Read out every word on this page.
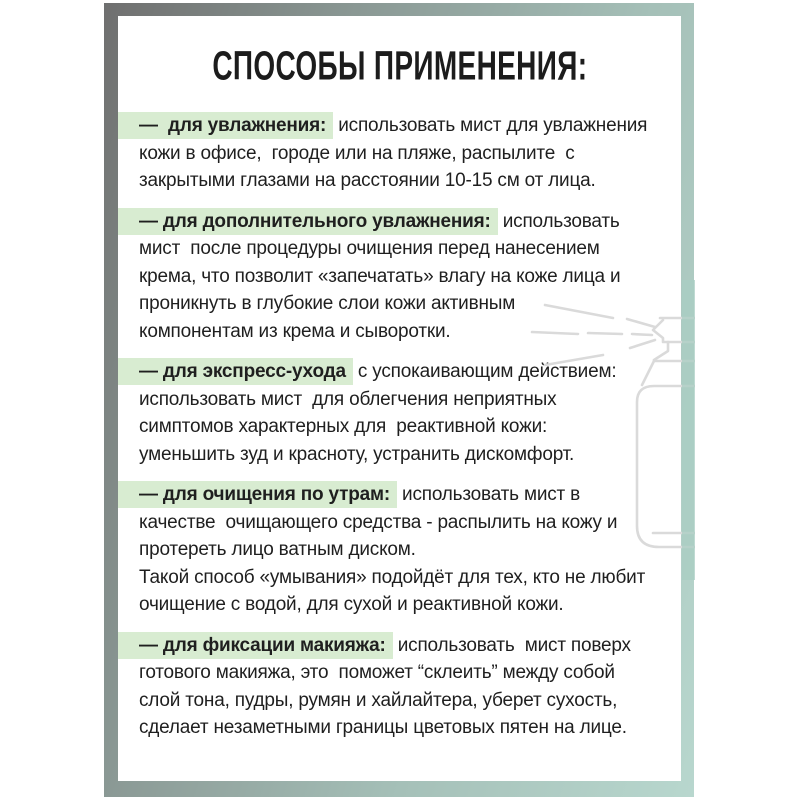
СПОСОБЫ ПРИМЕНЕНИЯ:
—  для увлажнения: использовать мист для увлажнения
кожи в офисе,  городе или на пляже, распылите  с
закрытыми глазами на расстоянии 10-15 см от лица.
— для дополнительного увлажнения: использовать
мист  после процедуры очищения перед нанесением
крема, что позволит «запечатать» влагу на коже лица и
проникнуть в глубокие слои кожи активным
компонентам из крема и сыворотки.
— для экспресс-ухода с успокаивающим действием:
использовать мист  для облегчения неприятных
симптомов характерных для  реактивной кожи:
уменьшить зуд и красноту, устранить дискомфорт.
— для очищения по утрам: использовать мист в
качестве  очищающего средства - распылить на кожу и
протереть лицо ватным диском.
Такой способ «умывания» подойдёт для тех, кто не любит
очищение с водой, для сухой и реактивной кожи.
— для фиксации макияжа: использовать  мист поверх
готового макияжа, это  поможет “склеить” между собой
слой тона, пудры, румян и хайлайтера, уберет сухость,
сделает незаметными границы цветовых пятен на лице.
